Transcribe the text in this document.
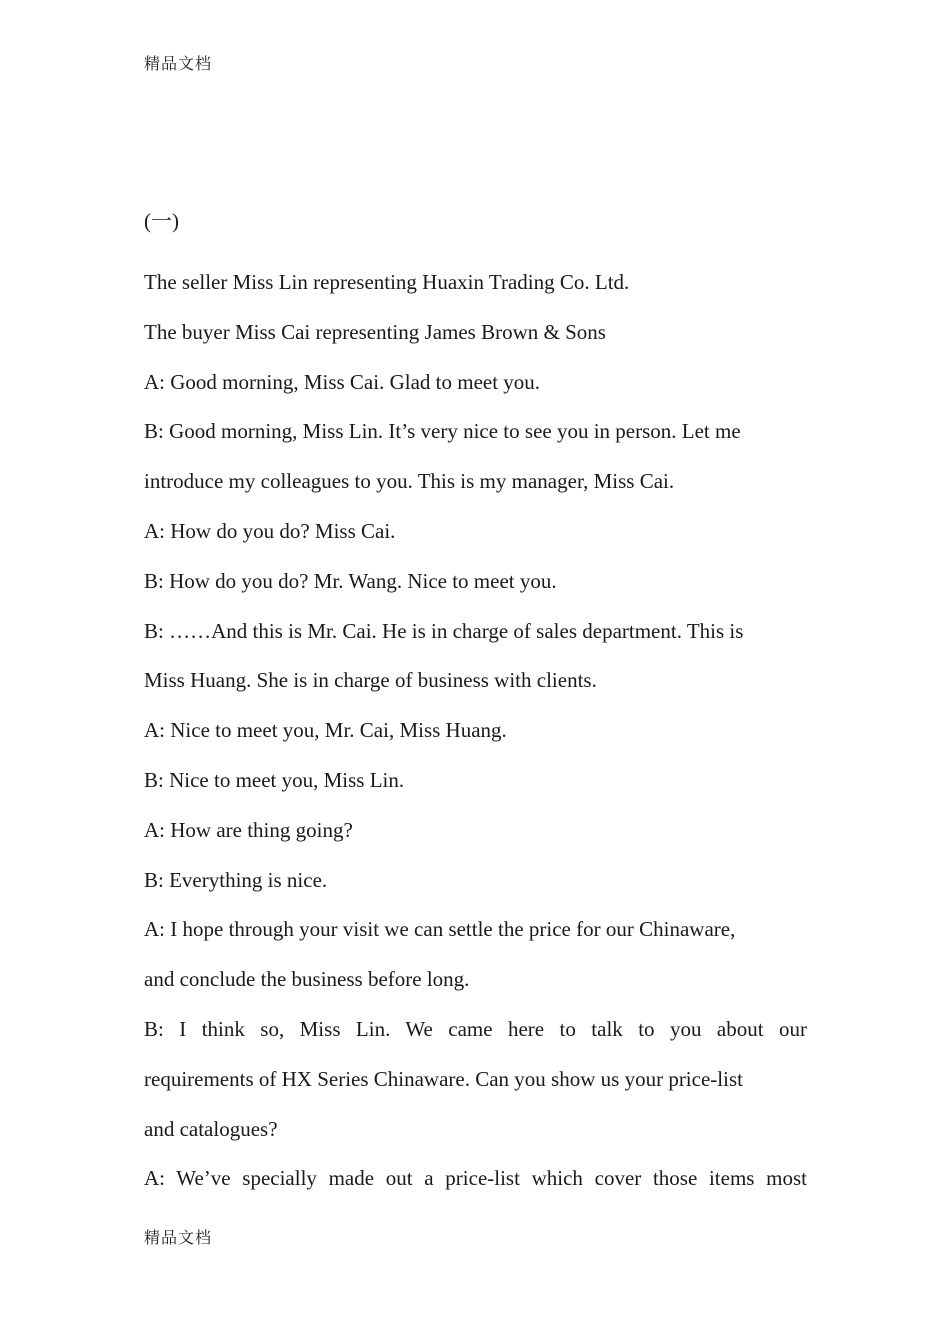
精品文档
(一)
The seller Miss Lin representing Huaxin Trading Co. Ltd.
The buyer Miss Cai representing James Brown & Sons
A: Good morning, Miss Cai. Glad to meet you.
B: Good morning, Miss Lin. It’s very nice to see you in person. Let me
introduce my colleagues to you. This is my manager, Miss Cai.
A: How do you do? Miss Cai.
B: How do you do? Mr. Wang. Nice to meet you.
B: ……And this is Mr. Cai. He is in charge of sales department. This is
Miss Huang. She is in charge of business with clients.
A: Nice to meet you, Mr. Cai, Miss Huang.
B: Nice to meet you, Miss Lin.
A: How are thing going?
B: Everything is nice.
A: I hope through your visit we can settle the price for our Chinaware,
and conclude the business before long.
B: I think so, Miss Lin. We came here to talk to you about our
requirements of HX Series Chinaware. Can you show us your price-list
and catalogues?
A: We’ve specially made out a price-list which cover those items most
精品文档
